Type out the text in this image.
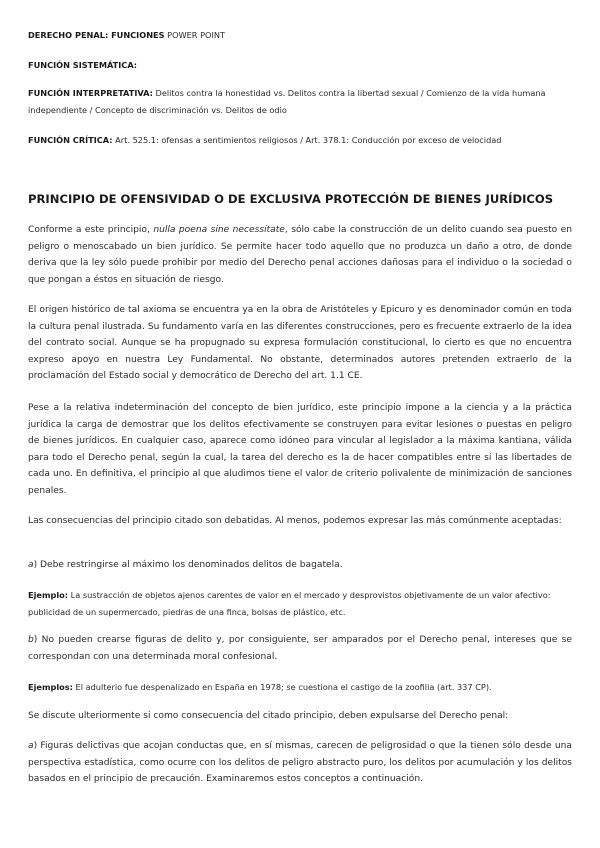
DERECHO PENAL: FUNCIONES POWER POINT

FUNCIÓN SISTEMÁTICA:

FUNCIÓN INTERPRETATIVA: Delitos contra la honestidad vs. Delitos contra la libertad sexual / Comienzo de la vida humana independiente / Concepto de discriminación vs. Delitos de odio

FUNCIÓN CRÍTICA: Art. 525.1: ofensas a sentimientos religiosos / Art. 378.1: Conducción por exceso de velocidad

PRINCIPIO DE OFENSIVIDAD O DE EXCLUSIVA PROTECCIÓN DE BIENES JURÍDICOS

Conforme a este principio, nulla poena sine necessitate, sólo cabe la construcción de un delito cuando sea puesto en peligro o menoscabado un bien jurídico. Se permite hacer todo aquello que no produzca un daño a otro, de donde deriva que la ley sólo puede prohibir por medio del Derecho penal acciones dañosas para el individuo o la sociedad o que pongan a éstos en situación de riesgo.

El origen histórico de tal axioma se encuentra ya en la obra de Aristóteles y Epicuro y es denominador común en toda la cultura penal ilustrada. Su fundamento varía en las diferentes construcciones, pero es frecuente extraerlo de la idea del contrato social. Aunque se ha propugnado su expresa formulación constitucional, lo cierto es que no encuentra expreso apoyo en nuestra Ley Fundamental. No obstante, determinados autores pretenden extraerlo de la proclamación del Estado social y democrático de Derecho del art. 1.1 CE.

Pese a la relativa indeterminación del concepto de bien jurídico, este principio impone a la ciencia y a la práctica jurídica la carga de demostrar que los delitos efectivamente se construyen para evitar lesiones o puestas en peligro de bienes jurídicos. En cualquier caso, aparece como idóneo para vincular al legislador a la máxima kantiana, válida para todo el Derecho penal, según la cual, la tarea del derecho es la de hacer compatibles entre sí las libertades de cada uno. En definitiva, el principio al que aludimos tiene el valor de criterio polivalente de minimización de sanciones penales.

Las consecuencias del principio citado son debatidas. Al menos, podemos expresar las más comúnmente aceptadas:

a) Debe restringirse al máximo los denominados delitos de bagatela.

Ejemplo: La sustracción de objetos ajenos carentes de valor en el mercado y desprovistos objetivamente de un valor afectivo: publicidad de un supermercado, piedras de una finca, bolsas de plástico, etc.

b) No pueden crearse figuras de delito y, por consiguiente, ser amparados por el Derecho penal, intereses que se correspondan con una determinada moral confesional.

Ejemplos: El adulterio fue despenalizado en España en 1978; se cuestiona el castigo de la zoofilia (art. 337 CP).

Se discute ulteriormente si como consecuencia del citado principio, deben expulsarse del Derecho penal:

a) Figuras delictivas que acojan conductas que, en sí mismas, carecen de peligrosidad o que la tienen sólo desde una perspectiva estadística, como ocurre con los delitos de peligro abstracto puro, los delitos por acumulación y los delitos basados en el principio de precaución. Examinaremos estos conceptos a continuación.
